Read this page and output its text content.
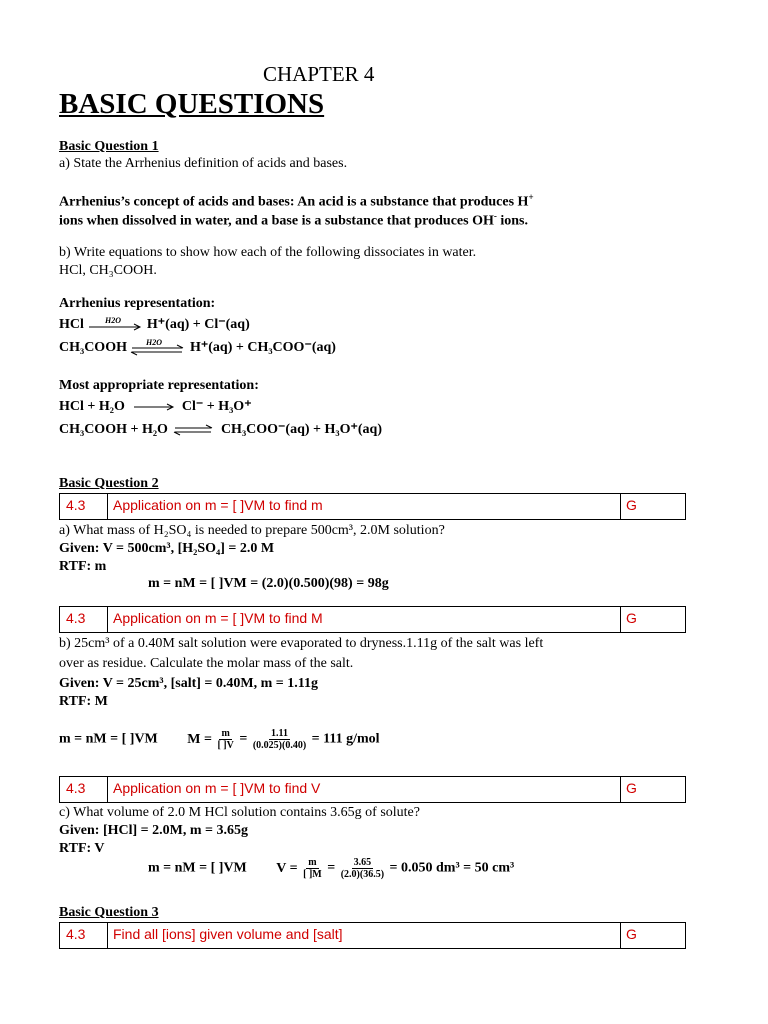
CHAPTER 4
BASIC QUESTIONS
Basic Question 1
a) State the Arrhenius definition of acids and bases.
Arrhenius’s concept of acids and bases: An acid is a substance that produces H+
ions when dissolved in water, and a base is a substance that produces OH- ions.
b) Write equations to show how each of the following dissociates in water.
HCl, CH₃COOH.
Arrhenius representation:
HCl	H2O H⁺(aq) + Cl⁻(aq)
CH₃COOH H2O H⁺(aq) + CH₃COO⁻(aq)
Most appropriate representation:
HCl + H₂O → Cl⁻ + H₃O⁺
CH₃COOH + H₂O ⇌ CH₃COO⁻(aq) + H₃O⁺(aq)
Basic Question 2
4.3 Application on m = [ ]VM to find m	G
a) What mass of H₂SO₄ is needed to prepare 500cm³, 2.0M solution?
Given: V = 500cm³, [H₂SO₄] = 2.0 M
RTF: m
m = nM = [ ]VM = (2.0)(0.500)(98) = 98g
4.3 Application on m = [ ]VM to find M	G
b) 25cm³ of a 0.40M salt solution were evaporated to dryness.1.11g of the salt was left
over as residue. Calculate the molar mass of the salt.
Given: V = 25cm³, [salt] = 0.40M, m = 1.11g
RTF: M
m = nM = [ ]VM $M = \frac{m}{[ ]V} = \frac{1.11}{(0.025)(0.40)} = 111$ g/mol
4.3 Application on m = [ ]VM to find V	G
c) What volume of 2.0 M HCl solution contains 3.65g of solute?
Given: [HCl] = 2.0M, m = 3.65g
RTF: V
m = nM = [ ]VM $V = \frac{m}{[ ]M} = \frac{3.65}{(2.0)(36.5)} = 0.050$ dm³ = 50 cm³
Basic Question 3
4.3 Find all [ions] given volume and [salt]	G
